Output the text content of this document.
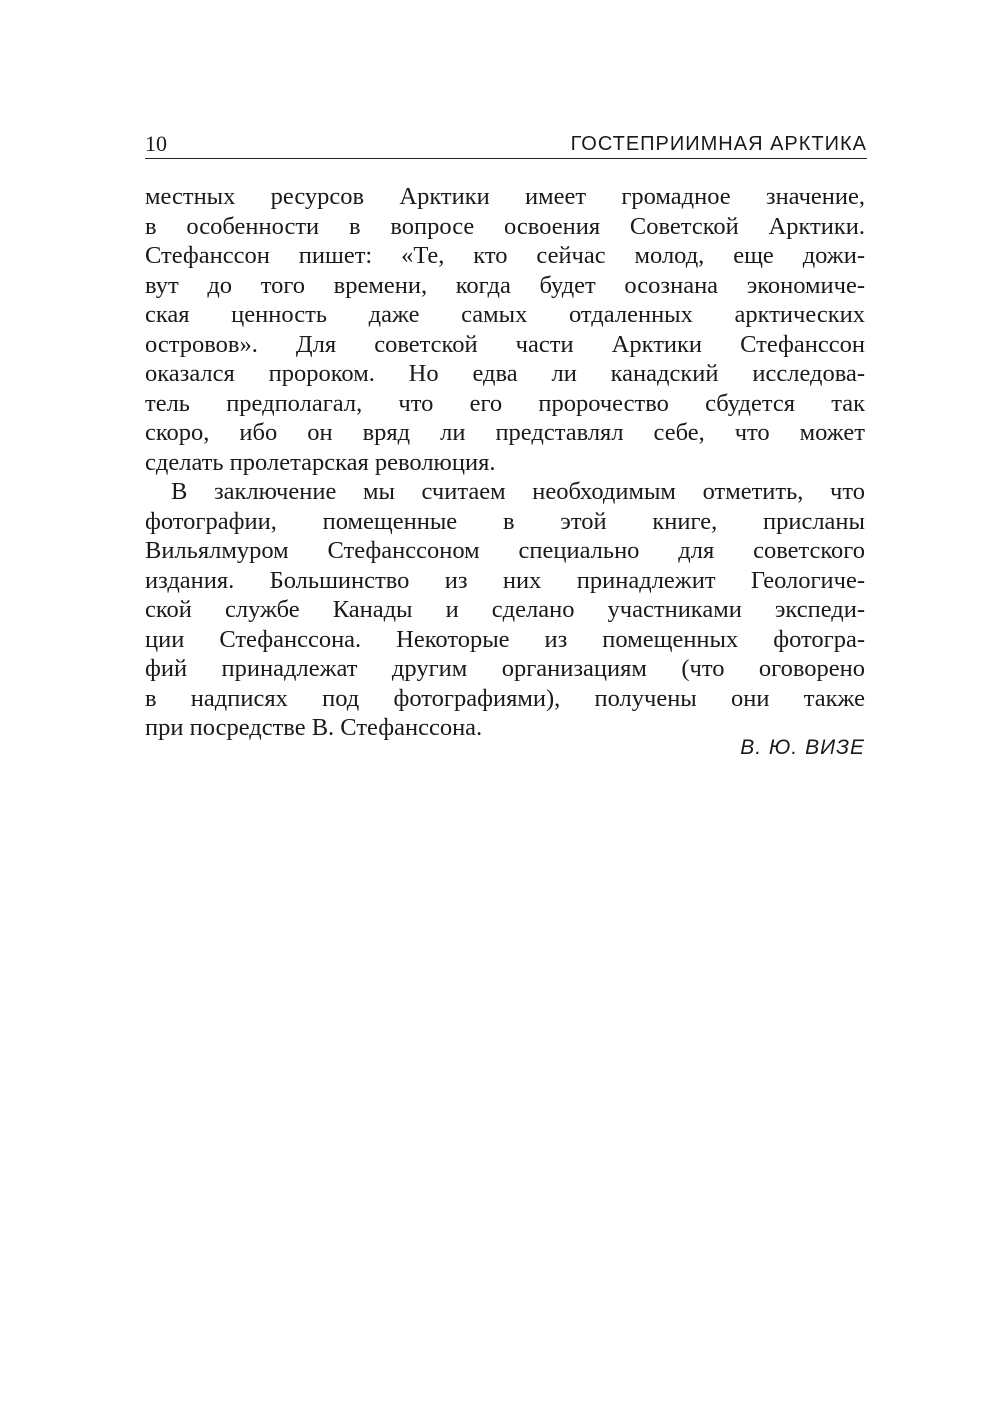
10	ГОСТЕПРИИМНАЯ АРКТИКА
местных ресурсов Арктики имеет громадное значение,
в особенности в вопросе освоения Советской Арктики.
Стефанссон пишет: «Те, кто сейчас молод, еще дожи-
вут до того времени, когда будет осознана экономиче-
ская ценность даже самых отдаленных арктических
островов». Для советской части Арктики Стефанссон
оказался пророком. Но едва ли канадский исследова-
тель предполагал, что его пророчество сбудется так
скоро, ибо он вряд ли представлял себе, что может
сделать пролетарская революция.
В заключение мы считаем необходимым отметить, что
фотографии, помещенные в этой книге, присланы
Вильялмуром Стефанссоном специально для советского
издания. Большинство из них принадлежит Геологиче-
ской службе Канады и сделано участниками экспеди-
ции Стефанссона. Некоторые из помещенных фотогра-
фий принадлежат другим организациям (что оговорено
в надписях под фотографиями), получены они также
при посредстве В. Стефанссона.
В. Ю. ВИЗЕ
